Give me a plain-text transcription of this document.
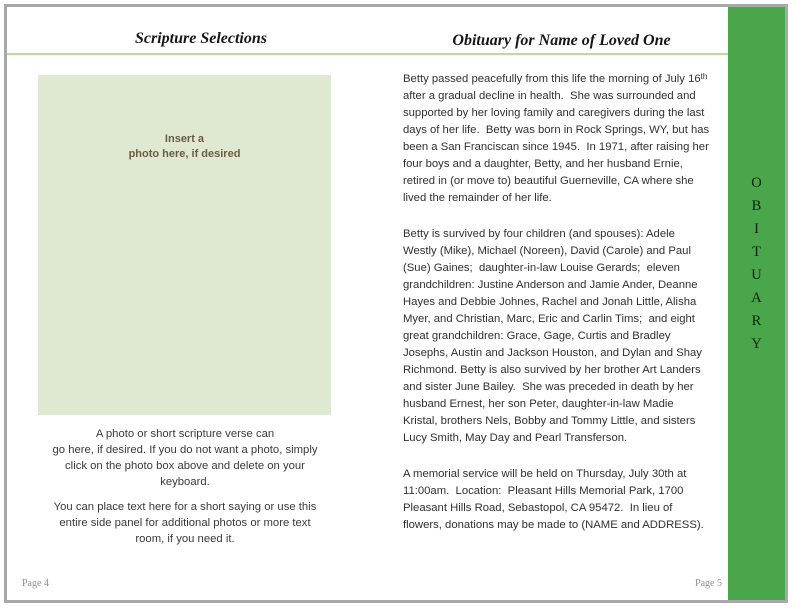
O
B
I
T
U
A
R
Y
Scripture Selections	Obituary for Name of Loved One
Insert a
photo here, if desired

A photo or short scripture verse can
go here, if desired. If you do not want a photo, simply
click on the photo box above and delete on your
keyboard.

You can place text here for a short saying or use this
entire side panel for additional photos or more text
room, if you need it.

Betty passed peacefully from this life the morning of July 16th after a gradual decline in health.  She was surrounded and supported by her loving family and caregivers during the last days of her life.  Betty was born in Rock Springs, WY, but has been a San Franciscan since 1945.  In 1971, after raising her four boys and a daughter, Betty, and her husband Ernie, retired in (or move to) beautiful Guerneville, CA where she lived the remainder of her life.

Betty is survived by four children (and spouses): Adele Westly (Mike), Michael (Noreen), David (Carole) and Paul (Sue) Gaines;  daughter-in-law Louise Gerards;  eleven grandchildren: Justine Anderson and Jamie Ander, Deanne Hayes and Debbie Johnes, Rachel and Jonah Little, Alisha Myer, and Christian, Marc, Eric and Carlin Tims;  and eight great grandchildren: Grace, Gage, Curtis and Bradley Josephs, Austin and Jackson Houston, and Dylan and Shay Richmond. Betty is also survived by her brother Art Landers and sister June Bailey.  She was preceded in death by her husband Ernest, her son Peter, daughter-in-law Madie Kristal, brothers Nels, Bobby and Tommy Little, and sisters Lucy Smith, May Day and Pearl Transferson.

A memorial service will be held on Thursday, July 30th at 11:00am.  Location:  Pleasant Hills Memorial Park, 1700 Pleasant Hills Road, Sebastopol, CA 95472.  In lieu of flowers, donations may be made to (NAME and ADDRESS).

Page 4	Page 5
